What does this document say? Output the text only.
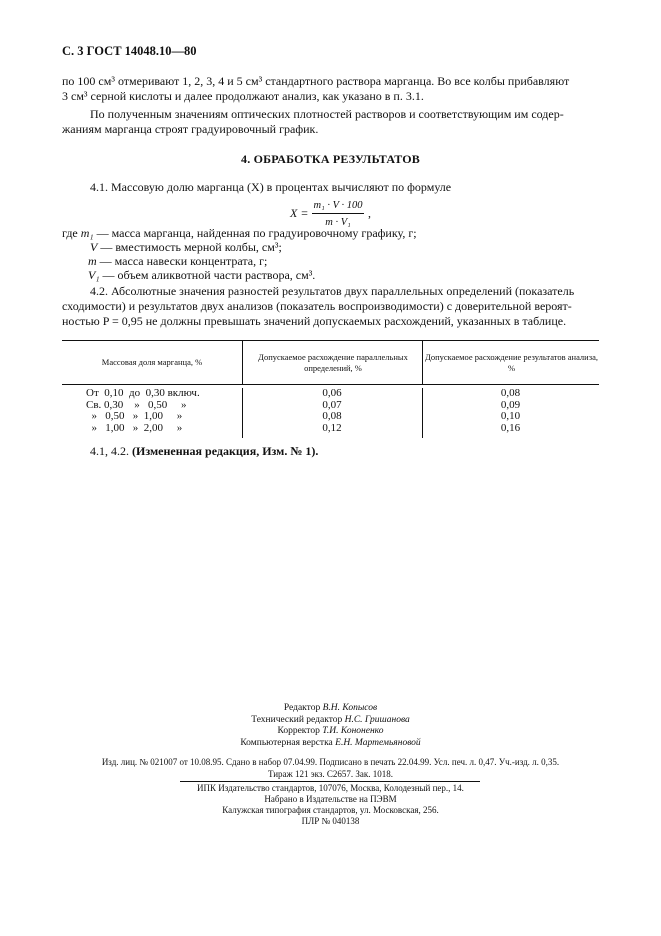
С. 3 ГОСТ 14048.10—80
по 100 см³ отмеривают 1, 2, 3, 4 и 5 см³ стандартного раствора марганца. Во все колбы прибавляют
3 см³ серной кислоты и далее продолжают анализ, как указано в п. 3.1.
По полученным значениям оптических плотностей растворов и соответствующим им содер-
жаниям марганца строят градуировочный график.
4. ОБРАБОТКА РЕЗУЛЬТАТОВ
4.1. Массовую долю марганца (X) в процентах вычисляют по формуле
X =
m₁ · V · 100
m · V₁
,
где m₁ — масса марганца, найденная по градуировочному графику, г;
V — вместимость мерной колбы, см³;
m — масса навески концентрата, г;
V₁ — объем аликвотной части раствора, см³.
4.2. Абсолютные значения разностей результатов двух параллельных определений (показатель
сходимости) и результатов двух анализов (показатель воспроизводимости) с доверительной вероят-
ностью P = 0,95 не должны превышать значений допускаемых расхождений, указанных в таблице.
Массовая доля марганца, %
Допускаемое расхождение параллельных определений, %
Допускаемое расхождение результатов анализа, %
От  0,10  до  0,30 включ.	0,06	0,08
Св. 0,30    »   0,50     »	0,07	0,09
»   0,50   »  1,00     »	0,08	0,10
»   1,00   »  2,00     »	0,12	0,16
4.1, 4.2. (Измененная редакция, Изм. № 1).
Редактор В.Н. Копысов
Технический редактор Н.С. Гришанова
Корректор Т.И. Кононенко
Компьютерная верстка Е.Н. Мартемьяновой
Изд. лиц. № 021007 от 10.08.95. Сдано в набор 07.04.99. Подписано в печать 22.04.99. Усл. печ. л. 0,47. Уч.-изд. л. 0,35.
Тираж 121 экз. С2657. Зак. 1018.
ИПК Издательство стандартов, 107076, Москва, Колодезный пер., 14.
Набрано в Издательстве на ПЭВМ
Калужская типография стандартов, ул. Московская, 256.
ПЛР № 040138
